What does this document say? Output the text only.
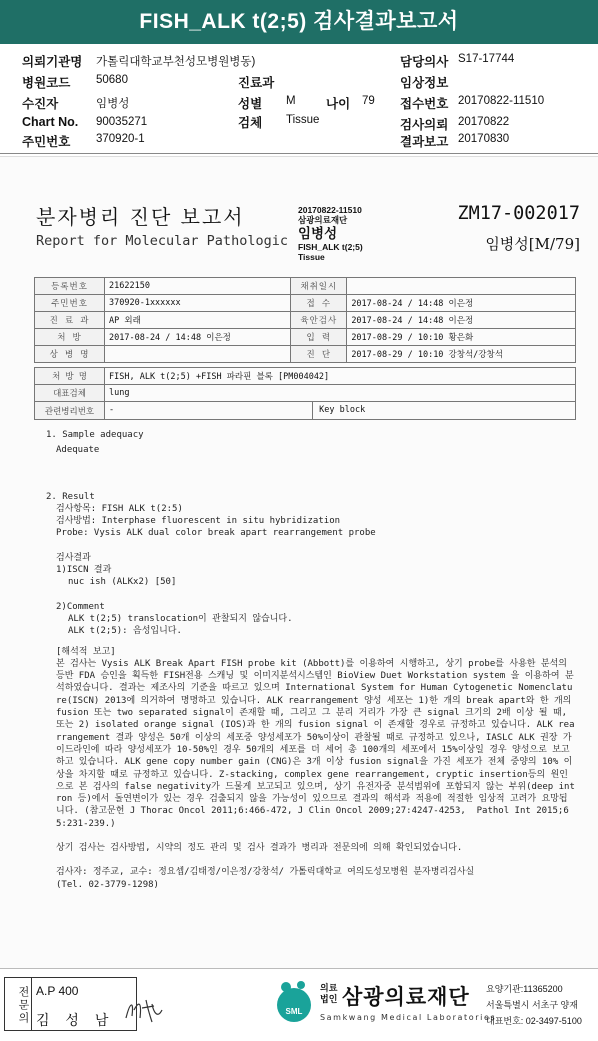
FISH_ALK t(2;5) 검사결과보고서
의뢰기관명 가톨릭대학교부천성모병원병동)	담당의사 S17-17744
병원코드 50680	진료과	임상정보
수진자	임병성	성별 M 나이 79 접수번호 20170822-11510
Chart No. 90035271	검체 Tissue	검사의뢰 20170822
주민번호 370920-1	결과보고 20170830
분자병리 진단 보고서
Report for Molecular Pathologic
20170822-11510
삼광의료재단
임병성
FISH_ALK t(2;5)
Tissue
ZM17-002017
임병성[M/79]
등록번호	21622150	채취일시	
주민번호	370920-1xxxxxx	접 수	2017-08-24 / 14:48 이은정
진 료 과	AP 외래	육안검사	2017-08-24 / 14:48 이은정
처 방	2017-08-24 / 14:48 이은정	입 력	2017-08-29 / 10:10 황은화
상 병 명		진 단	2017-08-29 / 10:10 강창석/강창석
처 방 명	FISH, ALK t(2;5) +FISH 파라핀 블록 [PM004042]
대표검체	lung
관련병리번호	- Key block
1. Sample adequacy
Adequate
2. Result
검사항목: FISH ALK t(2:5)
검사방법: Interphase fluorescent in situ hybridization
Probe: Vysis ALK dual color break apart rearrangement probe
검사결과
1)ISCN 결과
nuc ish (ALKx2) [50]
2)Comment
ALK t(2;5) translocation이 관찰되지 않습니다.
ALK t(2;5): 음성입니다.
[해석적 보고]
본 검사는 Vysis ALK Break Apart FISH probe kit (Abbott)를 이용하여 시행하고, 상기 probe를 사용한 분석의 등반 FDA 승인을 획득한 FISH전용 스캐닝 및 이미지분석시스템인 BioView Duet Workstation system 을 이용하여 분석하였습니다. 결과는 제조사의 기준을 따르고 있으며 International System for Human Cytogenetic Nomenclature(ISCN) 2013에 의거하여 명명하고 있습니다. ALK rearrangement 양성 세포는 1)한 개의 break apart와 한 개의 fusion 또는 two separated signal이 존재할 때, 그리고 그 분리 거리가 가장 큰 signal 크기의 2배 이상 될 때, 또는 2) isolated orange signal (IOS)과 한 개의 fusion signal 이 존재할 경우로 규정하고 있습니다. ALK rearrangement 결과 양성은 50개 이상의 세포중 양성세포가 50%이상이 관찰될 때로 규정하고 있으나, IASLC ALK 권장 가이드라인에 따라 양성세포가 10-50%인 경우 50개의 세포를 더 세어 총 100개의 세포에서 15%이상일 경우 양성으로 보고하고 있습니다. ALK gene copy number gain (CNG)은 3개 이상 fusion signal을 가진 세포가 전체 중양의 10% 이상을 차지할 때로 규정하고 있습니다. Z-stacking, complex gene rearrangement, cryptic insertion등의 원인으로 본 검사의 false negativity가 드물게 보고되고 있으며, 상기 유전자중 분석범위에 포함되지 않는 부위(deep intron 등)에서 돌연변이가 있는 경우 검출되지 않을 가능성이 있으므로 결과의 해석과 적용에 적절한 임상적 고려가 요망됩니다. (참고문헌 J Thorac Oncol 2011;6:466-472, J Clin Oncol 2009;27:4247-4253,  Pathol Int 2015;65:231-239.)
상기 검사는 검사방법, 시약의 정도 관리 및 검사 결과가 병리과 전문의에 의해 확인되었습니다.
검사자: 정주교, 교수: 정요셉/김태정/이은정/강창석/ 가톨릭대학교 여의도성모병원 분자병리검사실
(Tel. 02-3779-1298)
전문의 A.P 400
김 성 남
SML
의료
법인 삼광의료재단
Samkwang Medical Laboratories
요양기관:11365200
서울특별시 서초구 양재
대표번호: 02-3497-5100
